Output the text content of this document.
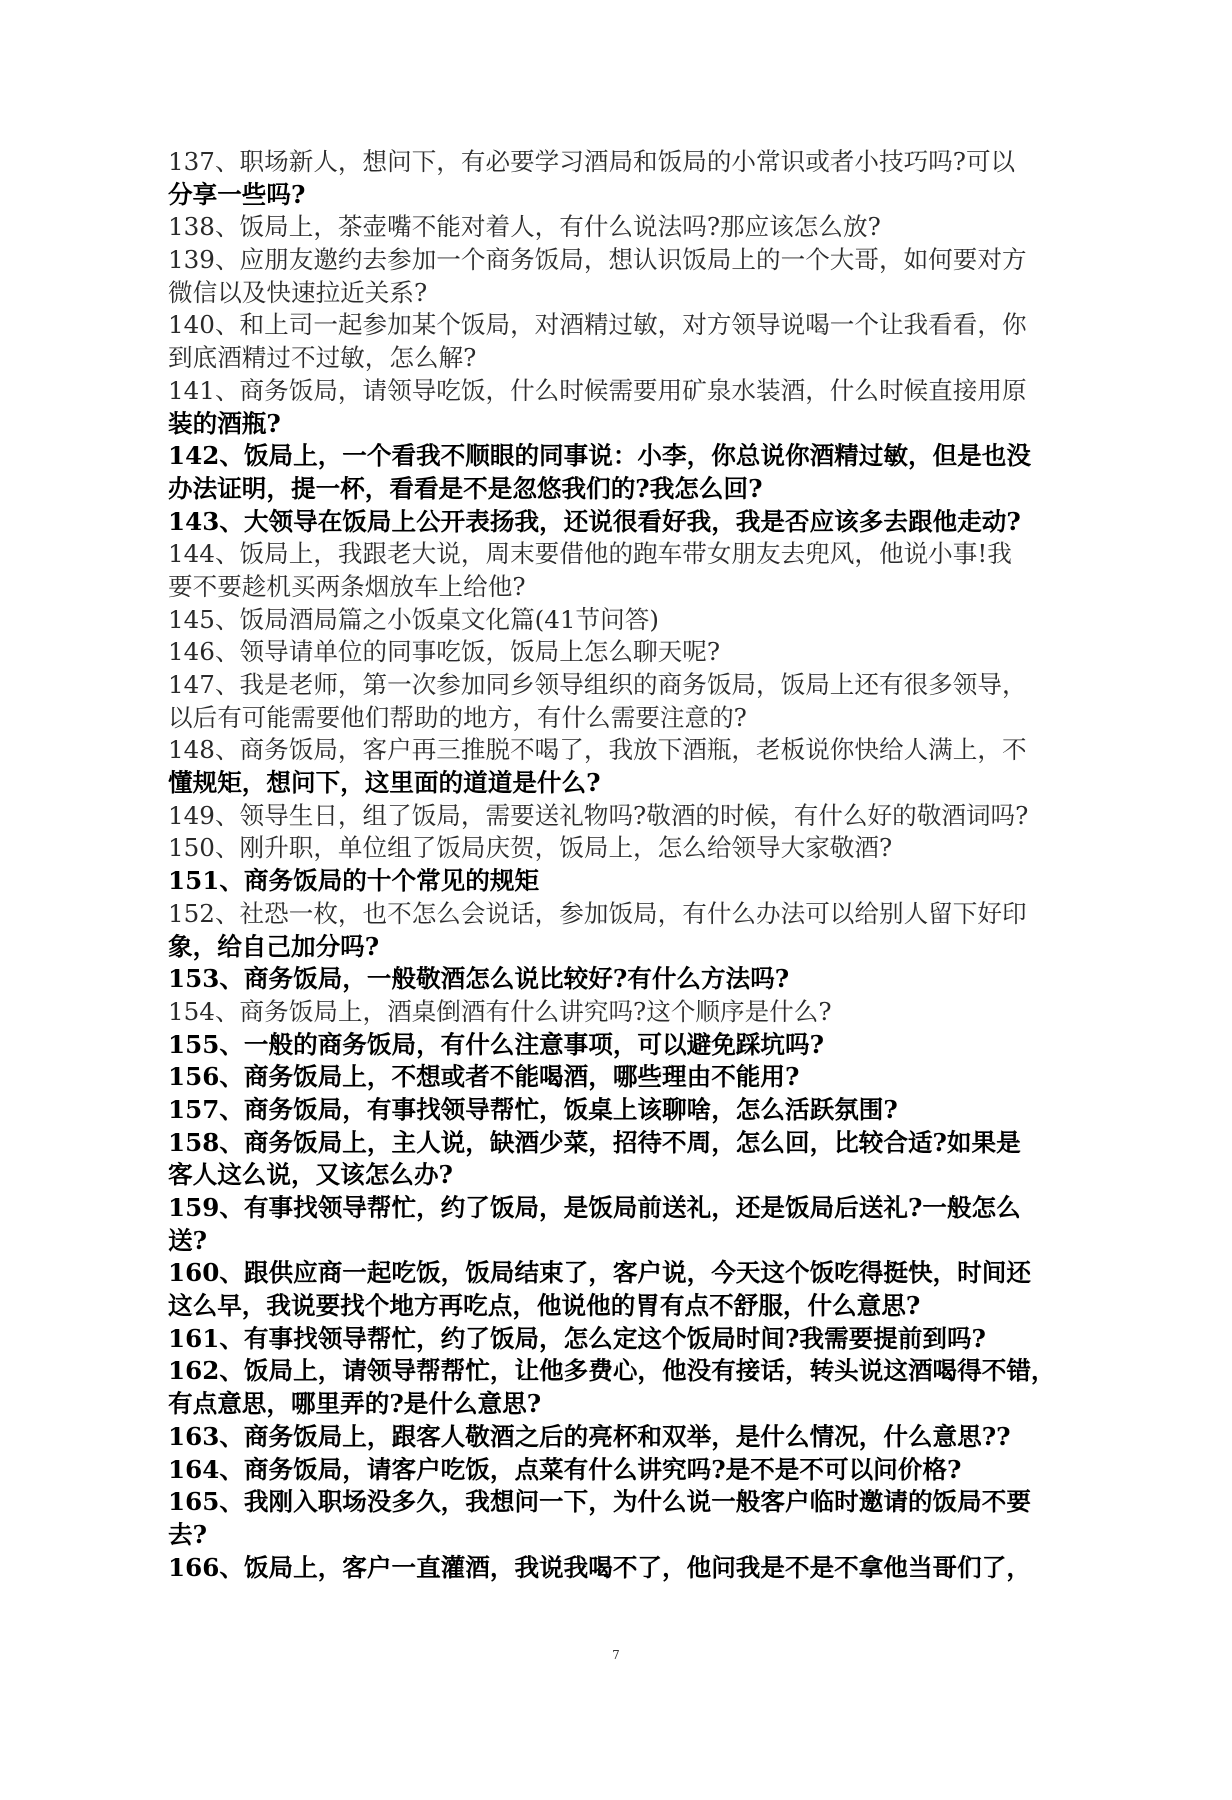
137、职场新人，想问下，有必要学习酒局和饭局的小常识或者小技巧吗?可以
分享一些吗?
138、饭局上，茶壶嘴不能对着人，有什么说法吗?那应该怎么放?
139、应朋友邀约去参加一个商务饭局，想认识饭局上的一个大哥，如何要对方
微信以及快速拉近关系?
140、和上司一起参加某个饭局，对酒精过敏，对方领导说喝一个让我看看，你
到底酒精过不过敏，怎么解?
141、商务饭局，请领导吃饭，什么时候需要用矿泉水装酒，什么时候直接用原
装的酒瓶?
142、饭局上，一个看我不顺眼的同事说：小李，你总说你酒精过敏，但是也没
办法证明，提一杯，看看是不是忽悠我们的?我怎么回?
143、大领导在饭局上公开表扬我，还说很看好我，我是否应该多去跟他走动?
144、饭局上，我跟老大说，周末要借他的跑车带女朋友去兜风，他说小事!我
要不要趁机买两条烟放车上给他?
145、饭局酒局篇之小饭桌文化篇(41节问答)
146、领导请单位的同事吃饭，饭局上怎么聊天呢?
147、我是老师，第一次参加同乡领导组织的商务饭局，饭局上还有很多领导，
以后有可能需要他们帮助的地方，有什么需要注意的?
148、商务饭局，客户再三推脱不喝了，我放下酒瓶，老板说你快给人满上，不
懂规矩，想问下，这里面的道道是什么?
149、领导生日，组了饭局，需要送礼物吗?敬酒的时候，有什么好的敬酒词吗?
150、刚升职，单位组了饭局庆贺，饭局上，怎么给领导大家敬酒?
151、商务饭局的十个常见的规矩
152、社恐一枚，也不怎么会说话，参加饭局，有什么办法可以给别人留下好印
象，给自己加分吗?
153、商务饭局，一般敬酒怎么说比较好?有什么方法吗?
154、商务饭局上，酒桌倒酒有什么讲究吗?这个顺序是什么?
155、一般的商务饭局，有什么注意事项，可以避免踩坑吗?
156、商务饭局上，不想或者不能喝酒，哪些理由不能用?
157、商务饭局，有事找领导帮忙，饭桌上该聊啥，怎么活跃氛围?
158、商务饭局上，主人说，缺酒少菜，招待不周，怎么回，比较合适?如果是
客人这么说，又该怎么办?
159、有事找领导帮忙，约了饭局，是饭局前送礼，还是饭局后送礼?一般怎么
送?
160、跟供应商一起吃饭，饭局结束了，客户说，今天这个饭吃得挺快，时间还
这么早，我说要找个地方再吃点，他说他的胃有点不舒服，什么意思?
161、有事找领导帮忙，约了饭局，怎么定这个饭局时间?我需要提前到吗?
162、饭局上，请领导帮帮忙，让他多费心，他没有接话，转头说这酒喝得不错，
有点意思，哪里弄的?是什么意思?
163、商务饭局上，跟客人敬酒之后的亮杯和双举，是什么情况，什么意思??
164、商务饭局，请客户吃饭，点菜有什么讲究吗?是不是不可以问价格?
165、我刚入职场没多久，我想问一下，为什么说一般客户临时邀请的饭局不要
去?
166、饭局上，客户一直灌酒，我说我喝不了，他问我是不是不拿他当哥们了，
7
